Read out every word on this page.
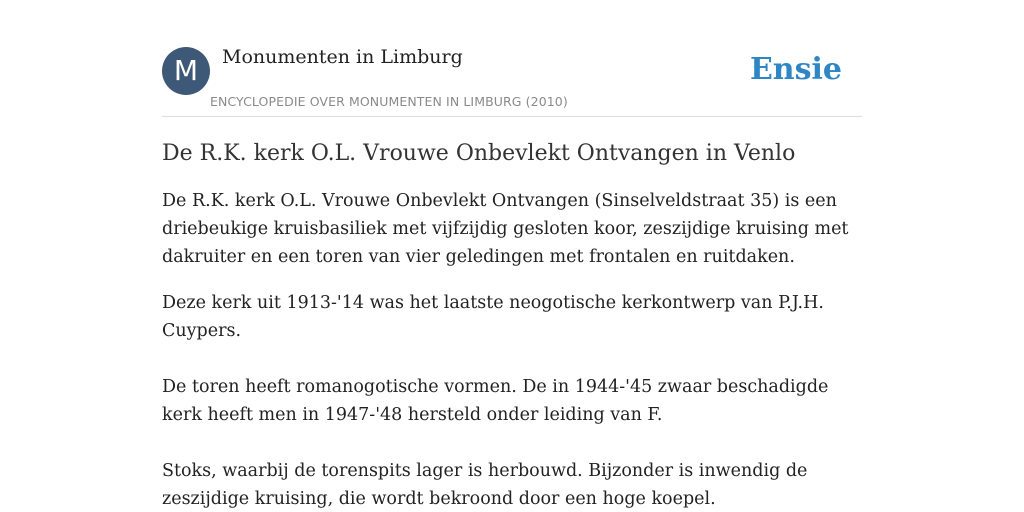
M	Monumenten in Limburg
ENCYCLOPEDIE OVER MONUMENTEN IN LIMBURG (2010)
Ensie
De R.K. kerk O.L. Vrouwe Onbevlekt Ontvangen in Venlo

De R.K. kerk O.L. Vrouwe Onbevlekt Ontvangen (Sinselveldstraat 35) is een driebeukige kruisbasiliek met vijfzijdig gesloten koor, zeszijdige kruising met dakruiter en een toren van vier geledingen met frontalen en ruitdaken.

Deze kerk uit 1913-'14 was het laatste neogotische kerkontwerp van P.J.H. Cuypers.

De toren heeft romanogotische vormen. De in 1944-'45 zwaar beschadigde kerk heeft men in 1947-'48 hersteld onder leiding van F.

Stoks, waarbij de torenspits lager is herbouwd. Bijzonder is inwendig de zeszijdige kruising, die wordt bekroond door een hoge koepel.
